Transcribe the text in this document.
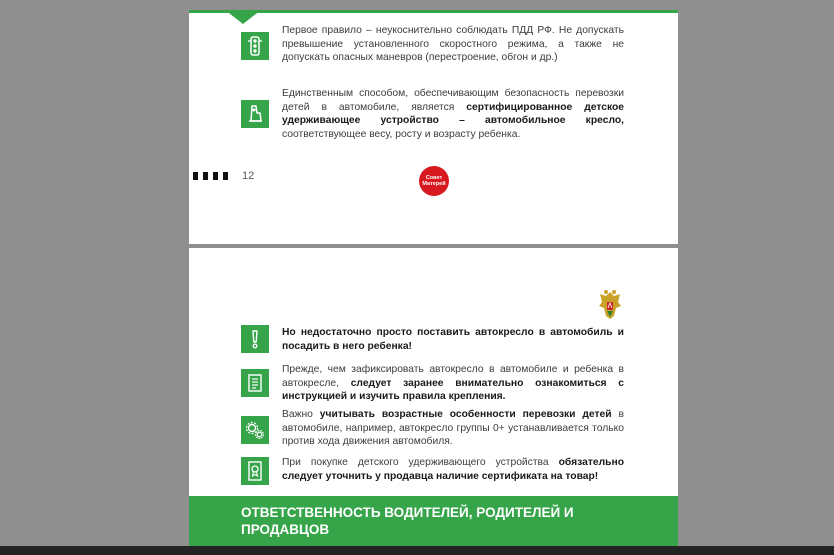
Первое правило – неукоснительно соблюдать ПДД РФ. Не допускать превышение установленного скоростного режима, а также не допускать опасных маневров (перестроение, обгон и др.)
Единственным способом, обеспечивающим безопасность перевозки детей в автомобиле, является сертифицированное детское удерживающее устройство – автомобильное кресло, соответствующее весу, росту и возрасту ребенка.
12	Совет Матерей
Но недостаточно просто поставить автокресло в автомобиль и посадить в него ребенка!
Прежде, чем зафиксировать автокресло в автомобиле и ребенка в автокресле, следует заранее внимательно ознакомиться с инструкцией и изучить правила крепления.
Важно учитывать возрастные особенности перевозки детей в автомобиле, например, автокресло группы 0+ устанавливается только против хода движения автомобиля.
При покупке детского удерживающего устройства обязательно следует уточнить у продавца наличие сертификата на товар!
ОТВЕТСТВЕННОСТЬ ВОДИТЕЛЕЙ, РОДИТЕЛЕЙ И ПРОДАВЦОВ
